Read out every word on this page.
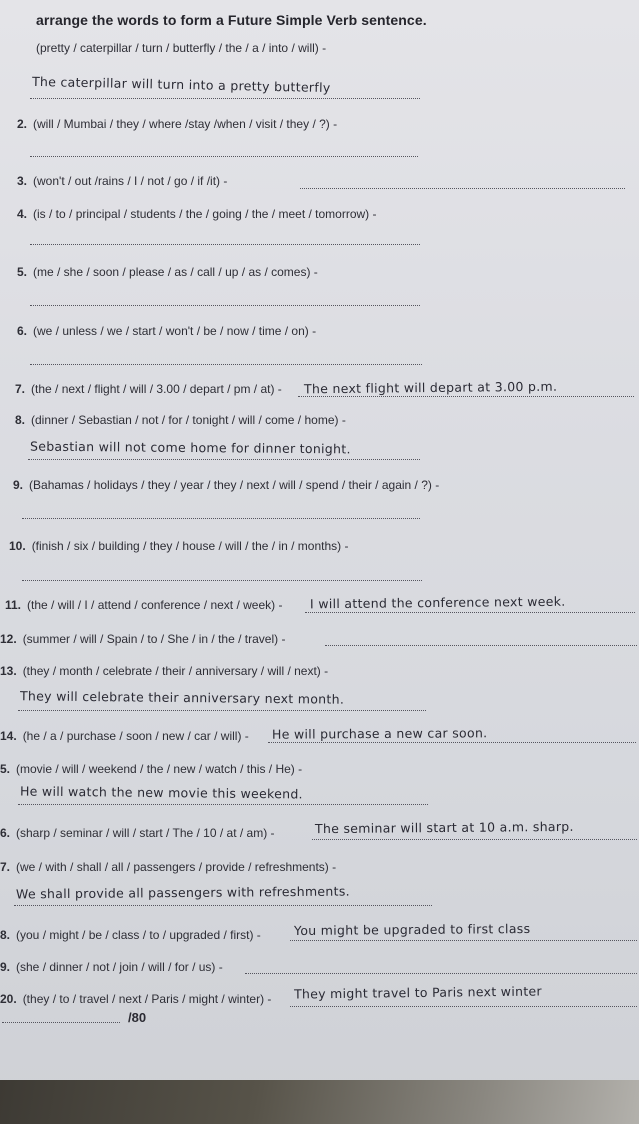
arrange the words to form a Future Simple Verb sentence.
(pretty / caterpillar / turn / butterfly / the / a / into / will) -
The caterpillar will turn into a pretty butterfly
2. (will / Mumbai / they / where /stay /when / visit / they / ?) -
3. (won't / out /rains / I / not / go / if /it) -
4. (is / to / principal / students / the / going / the / meet / tomorrow) -
5. (me / she / soon / please / as / call / up / as / comes) -
6. (we / unless / we / start / won't / be / now / time / on) -
7. (the / next / flight / will / 3.00 / depart / pm / at) - The next flight will depart at 3.00 p.m.
8. (dinner / Sebastian / not / for / tonight / will / come / home) -
Sebastian will not come home for dinner tonight.
9. (Bahamas / holidays / they / year / they / next / will / spend / their / again / ?) -
10. (finish / six / building / they / house / will / the / in / months) -
11. (the / will / I / attend / conference / next / week) - I will attend the conference next week.
12. (summer / will / Spain / to / She / in / the / travel) -
13. (they / month / celebrate / their / anniversary / will / next) -
They will celebrate their anniversary next month.
14. (he / a / purchase / soon / new / car / will) - He will purchase a new car soon.
5. (movie / will / weekend / the / new / watch / this / He) -
He will watch the new movie this weekend.
6. (sharp / seminar / will / start / The / 10 / at / am) -	The seminar will start at 10 a.m. sharp.
7. (we / with / shall / all / passengers / provide / refreshments) -
We shall provide all passengers with refreshments.
8. (you / might / be / class / to / upgraded / first) -	You might be upgraded to first class
9. (she / dinner / not / join / will / for / us) -
20. (they / to / travel / next / Paris / might / winter) - They might travel to Paris next winter
/80
